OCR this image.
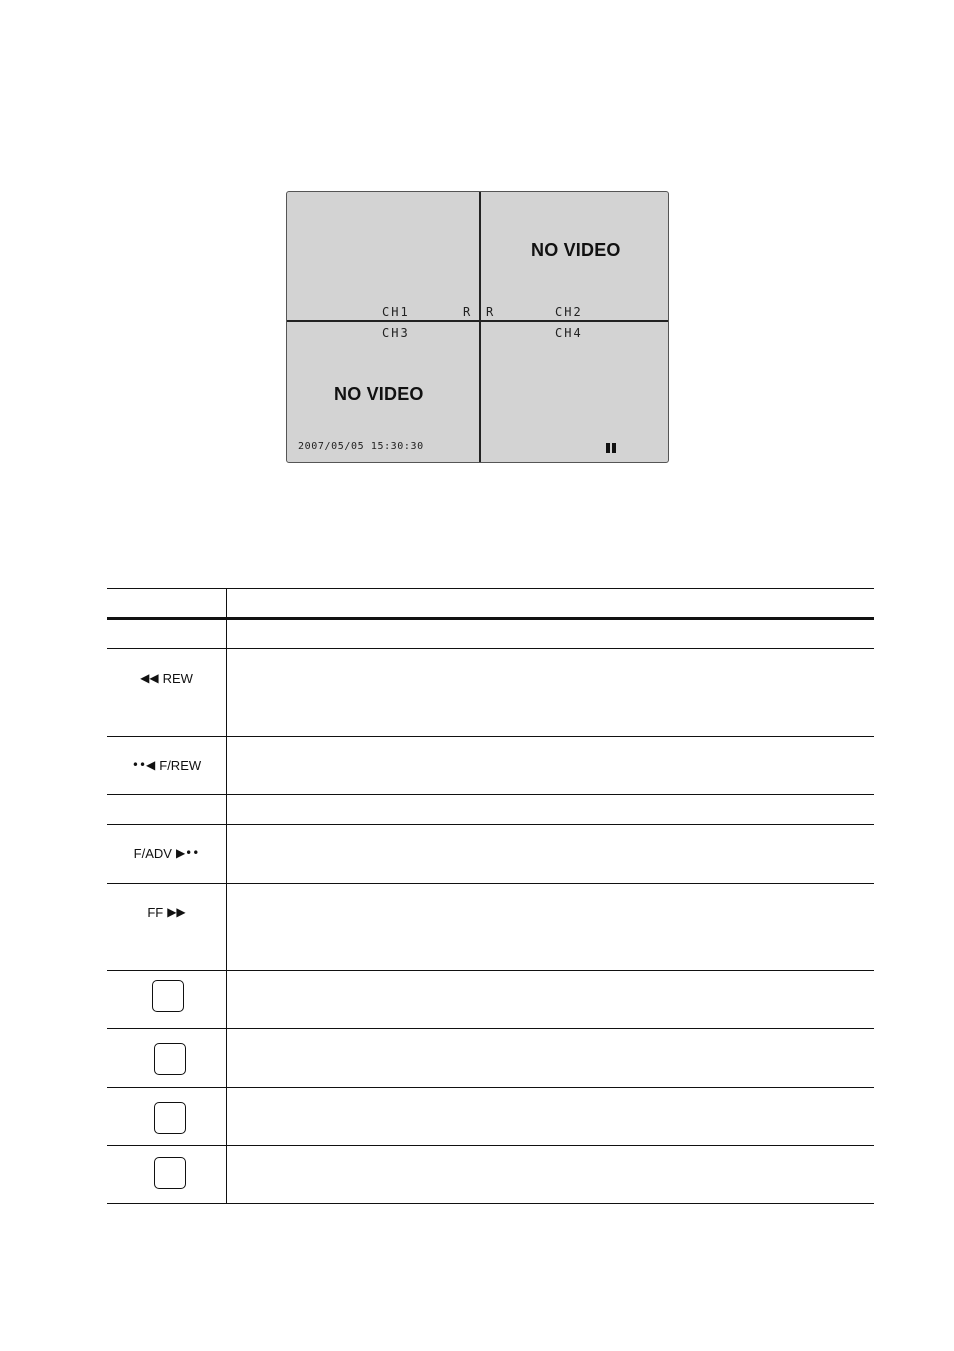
NO VIDEO
NO VIDEO
CH1	R R	CH2
CH3	CH4
2007/05/05 15:30:30
◀◀ REW
••◀ F/REW
F/ADV ▶••
FF ▶▶
